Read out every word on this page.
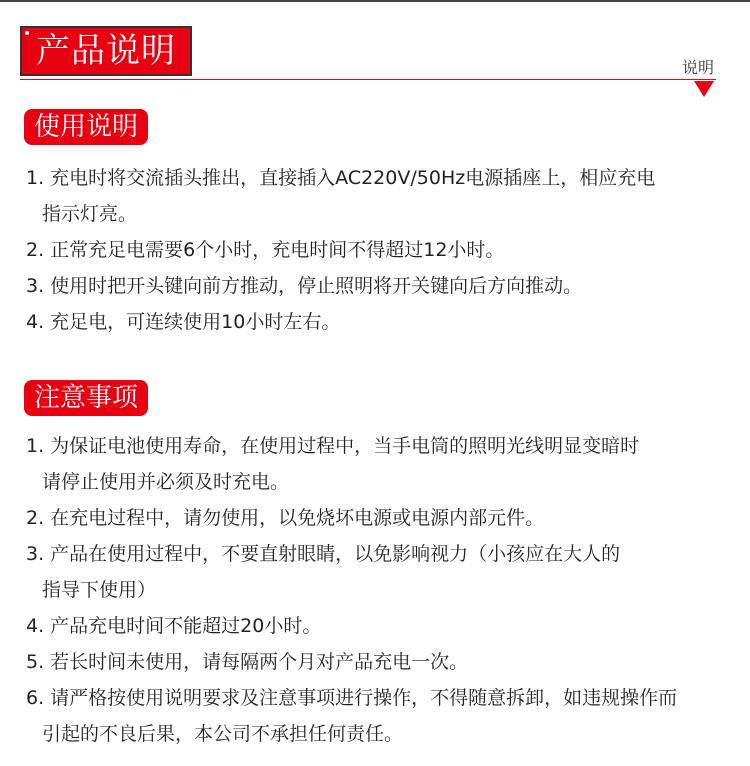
产品说明	说明
使用说明
1. 充电时将交流插头推出，直接插入AC220V/50Hz电源插座上，相应充电
指示灯亮。
2. 正常充足电需要6个小时，充电时间不得超过12小时。
3. 使用时把开头键向前方推动，停止照明将开关键向后方向推动。
4. 充足电，可连续使用10小时左右。
注意事项
1. 为保证电池使用寿命，在使用过程中，当手电筒的照明光线明显变暗时
请停止使用并必须及时充电。
2. 在充电过程中，请勿使用，以免烧坏电源或电源内部元件。
3. 产品在使用过程中，不要直射眼睛，以免影响视力（小孩应在大人的
指导下使用）
4. 产品充电时间不能超过20小时。
5. 若长时间未使用，请每隔两个月对产品充电一次。
6. 请严格按使用说明要求及注意事项进行操作，不得随意拆卸，如违规操作而
引起的不良后果，本公司不承担任何责任。
